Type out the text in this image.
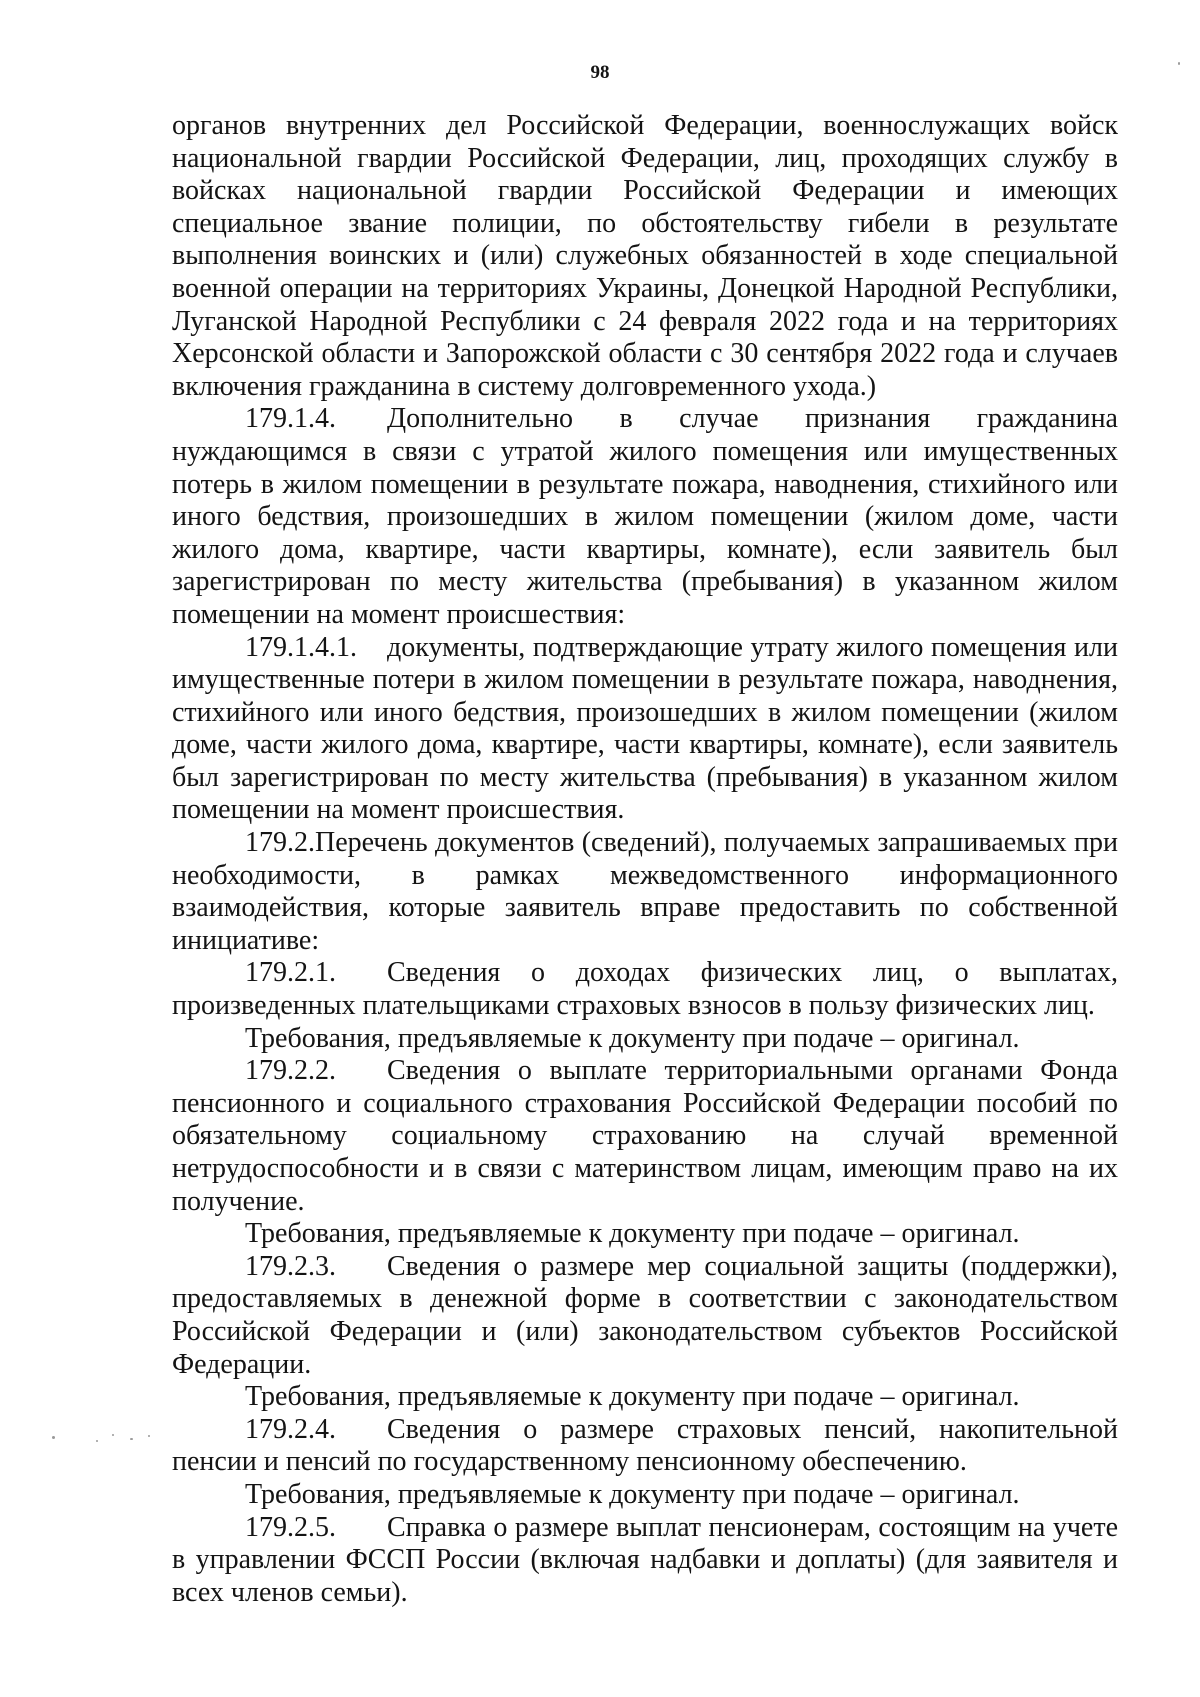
98

органов внутренних дел Российской Федерации, военнослужащих войск национальной гвардии Российской Федерации, лиц, проходящих службу в войсках национальной гвардии Российской Федерации и имеющих специальное звание полиции, по обстоятельству гибели в результате выполнения воинских и (или) служебных обязанностей в ходе специальной военной операции на территориях Украины, Донецкой Народной Республики, Луганской Народной Республики с 24 февраля 2022 года и на территориях Херсонской области и Запорожской области с 30 сентября 2022 года и случаев включения гражданина в систему долговременного ухода.)

179.1.4. Дополнительно в случае признания гражданина нуждающимся в связи с утратой жилого помещения или имущественных потерь в жилом помещении в результате пожара, наводнения, стихийного или иного бедствия, произошедших в жилом помещении (жилом доме, части жилого дома, квартире, части квартиры, комнате), если заявитель был зарегистрирован по месту жительства (пребывания) в указанном жилом помещении на момент происшествия:

179.1.4.1. документы, подтверждающие утрату жилого помещения или имущественные потери в жилом помещении в результате пожара, наводнения, стихийного или иного бедствия, произошедших в жилом помещении (жилом доме, части жилого дома, квартире, части квартиры, комнате), если заявитель был зарегистрирован по месту жительства (пребывания) в указанном жилом помещении на момент происшествия.

179.2.Перечень документов (сведений), получаемых запрашиваемых при необходимости, в рамках межведомственного информационного взаимодействия, которые заявитель вправе предоставить по собственной инициативе:

179.2.1. Сведения о доходах физических лиц, о выплатах, произведенных плательщиками страховых взносов в пользу физических лиц.

Требования, предъявляемые к документу при подаче – оригинал.

179.2.2. Сведения о выплате территориальными органами Фонда пенсионного и социального страхования Российской Федерации пособий по обязательному социальному страхованию на случай временной нетрудоспособности и в связи с материнством лицам, имеющим право на их получение.

Требования, предъявляемые к документу при подаче – оригинал.

179.2.3. Сведения о размере мер социальной защиты (поддержки), предоставляемых в денежной форме в соответствии с законодательством Российской Федерации и (или) законодательством субъектов Российской Федерации.

Требования, предъявляемые к документу при подаче – оригинал.

179.2.4. Сведения о размере страховых пенсий, накопительной пенсии и пенсий по государственному пенсионному обеспечению.

Требования, предъявляемые к документу при подаче – оригинал.

179.2.5. Справка о размере выплат пенсионерам, состоящим на учете в управлении ФССП России (включая надбавки и доплаты) (для заявителя и всех членов семьи).
